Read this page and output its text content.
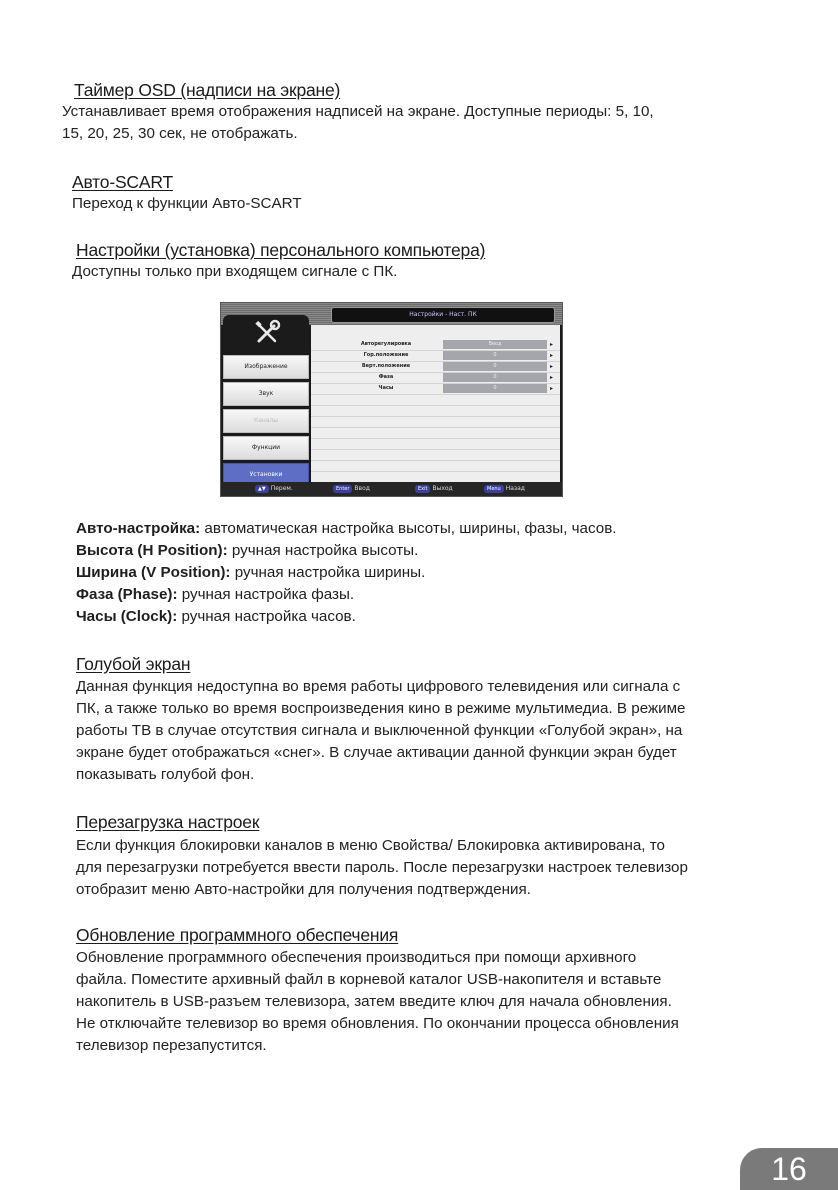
Таймер OSD (надписи на экране)

Устанавливает время отображения надписей на экране. Доступные периоды: 5, 10,

15, 20, 25, 30 сек, не отображать.

Авто-SCART

Переход к функции Авто-SCART

Настройки (установка) персонального компьютера)

Доступны только при входящем сигнале с ПК.

Настройки - Наст. ПК
Изображение
Звук
Каналы
Функции
Установки
Авторегулировка	Ввод	▸
Гор.положение	0	▸
Верт.положение	0	▸
Фаза	0	▸
Часы	0	▸
▲▼ Перем.	Enter Ввод	Exit Выход	Menu Назад
Авто-настройка: автоматическая настройка высоты, ширины, фазы, часов.
Высота (H Position): ручная настройка высоты.
Ширина (V Position): ручная настройка ширины.
Фаза (Phase): ручная настройка фазы.
Часы (Clock): ручная настройка часов.
Голубой экран

Данная функция недоступна во время работы цифрового телевидения или сигнала с

ПК, а также только во время воспроизведения кино в режиме мультимедиа. В режиме

работы ТВ в случае отсутствия сигнала и выключенной функции «Голубой экран», на

экране будет отображаться «снег». В случае активации данной функции экран будет

показывать голубой фон.

Перезагрузка настроек

Если функция блокировки каналов в меню Свойства/ Блокировка активирована, то

для перезагрузки потребуется ввести пароль. После перезагрузки настроек телевизор

отобразит меню Авто-настройки для получения подтверждения.

Обновление программного обеспечения

Обновление программного обеспечения производиться при помощи архивного

файла. Поместите архивный файл в корневой каталог USB-накопителя и вставьте

накопитель в USB-разъем телевизора, затем введите ключ для начала обновления.

Не отключайте телевизор во время обновления. По окончании процесса обновления

телевизор перезапустится.

16
